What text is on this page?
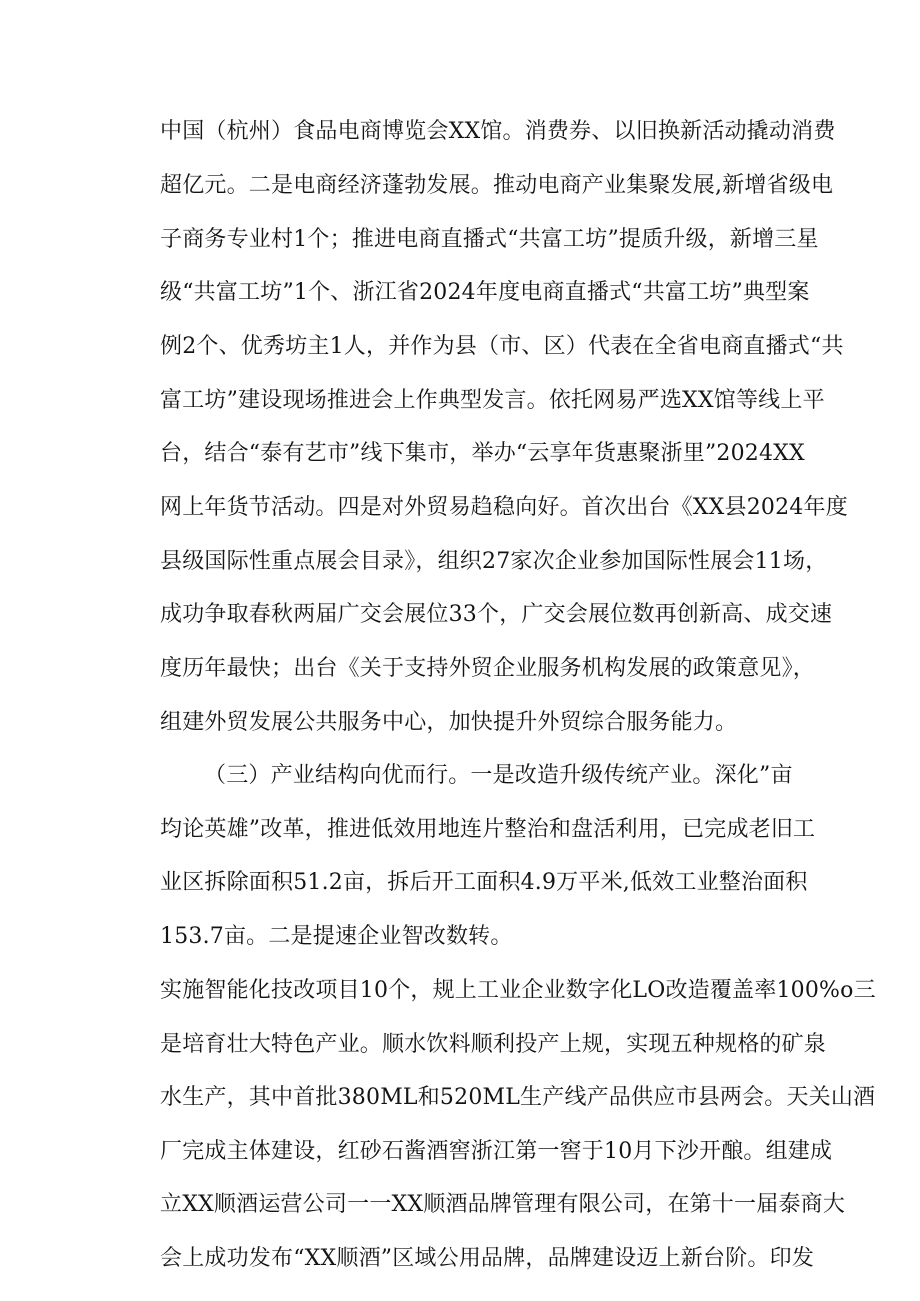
中国（杭州）食品电商博览会XX馆。消费券、以旧换新活动撬动消费

超亿元。二是电商经济蓬勃发展。推动电商产业集聚发展,新增省级电

子商务专业村1个；推进电商直播式“共富工坊”提质升级，新增三星

级“共富工坊”1个、浙江省2024年度电商直播式“共富工坊”典型案

例2个、优秀坊主1人，并作为县（市、区）代表在全省电商直播式“共

富工坊”建设现场推进会上作典型发言。依托网易严选XX馆等线上平

台，结合“泰有艺市”线下集市，举办“云享年货惠聚浙里”2024XX

网上年货节活动。四是对外贸易趋稳向好。首次出台《XX县2024年度

县级国际性重点展会目录》，组织27家次企业参加国际性展会11场，

成功争取春秋两届广交会展位33个，广交会展位数再创新高、成交速

度历年最快；出台《关于支持外贸企业服务机构发展的政策意见》，

组建外贸发展公共服务中心，加快提升外贸综合服务能力。

（三）产业结构向优而行。一是改造升级传统产业。深化”亩

均论英雄”改革，推进低效用地连片整治和盘活利用，已完成老旧工

业区拆除面积51.2亩，拆后开工面积4.9万平米,低效工业整治面积

153.7亩。二是提速企业智改数转。

实施智能化技改项目10个，规上工业企业数字化LO改造覆盖率100%o三

是培育壮大特色产业。顺水饮料顺利投产上规，实现五种规格的矿泉

水生产，其中首批380ML和520ML生产线产品供应市县两会。天关山酒

厂完成主体建设，红砂石酱酒窖浙江第一窖于10月下沙开酿。组建成

立XX顺酒运营公司一一XX顺酒品牌管理有限公司，在第十一届泰商大

会上成功发布“XX顺酒”区域公用品牌，品牌建设迈上新台阶。印发
